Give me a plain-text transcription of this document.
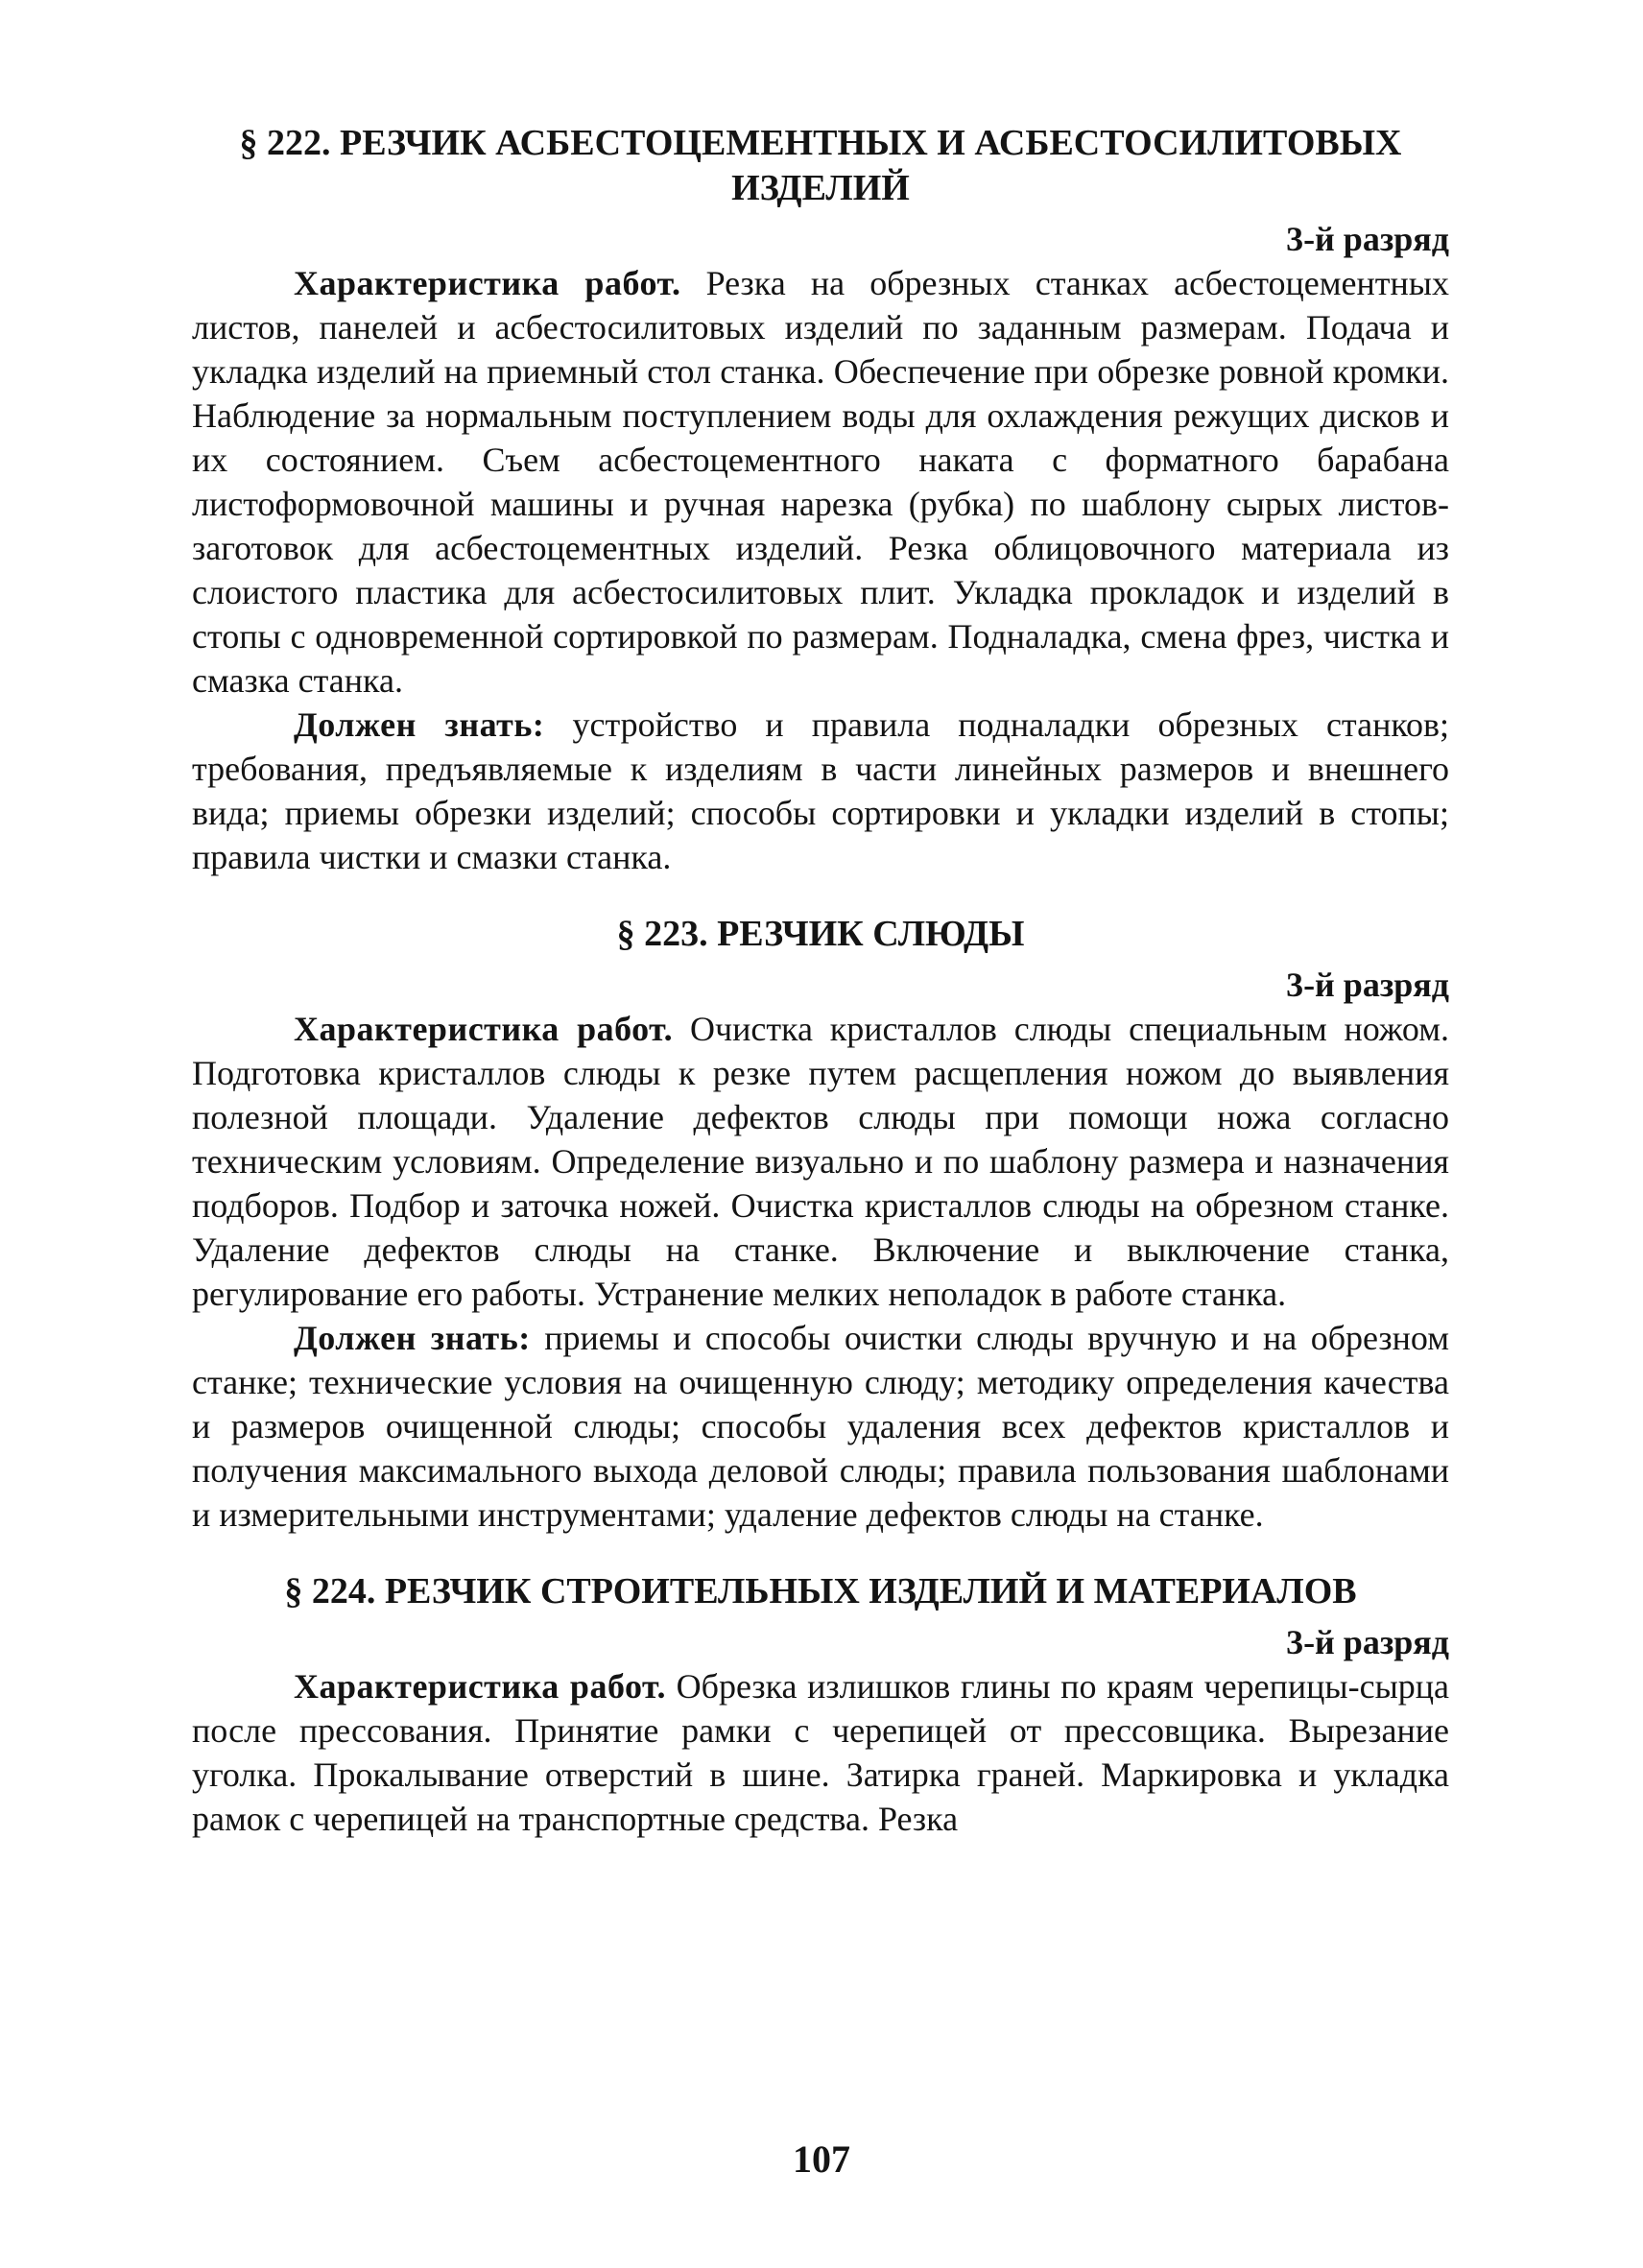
§ 222. РЕЗЧИК АСБЕСТОЦЕМЕНТНЫХ И АСБЕСТОСИЛИТОВЫХ
ИЗДЕЛИЙ
3-й разряд

Характеристика работ. Резка на обрезных станках асбестоцементных листов, панелей и асбестосилитовых изделий по заданным размерам. Подача и укладка изделий на приемный стол станка. Обеспечение при обрезке ровной кромки. Наблюдение за нормальным поступлением воды для охлаждения режущих дисков и их состоянием. Съем асбестоцементного наката с форматного барабана листоформовочной машины и ручная нарезка (рубка) по шаблону сырых листов-заготовок для асбестоцементных изделий. Резка облицовочного материала из слоистого пластика для асбестосилитовых плит. Укладка прокладок и изделий в стопы с одновременной сортировкой по размерам. Подналадка, смена фрез, чистка и смазка станка.

Должен знать: устройство и правила подналадки обрезных станков; требования, предъявляемые к изделиям в части линейных размеров и внешнего вида; приемы обрезки изделий; способы сортировки и укладки изделий в стопы; правила чистки и смазки станка.

§ 223. РЕЗЧИК СЛЮДЫ
3-й разряд

Характеристика работ. Очистка кристаллов слюды специальным ножом. Подготовка кристаллов слюды к резке путем расщепления ножом до выявления полезной площади. Удаление дефектов слюды при помощи ножа согласно техническим условиям. Определение визуально и по шаблону размера и назначения подборов. Подбор и заточка ножей. Очистка кристаллов слюды на обрезном станке. Удаление дефектов слюды на станке. Включение и выключение станка, регулирование его работы. Устранение мелких неполадок в работе станка.

Должен знать: приемы и способы очистки слюды вручную и на обрезном станке; технические условия на очищенную слюду; методику определения качества и размеров очищенной слюды; способы удаления всех дефектов кристаллов и получения максимального выхода деловой слюды; правила пользования шаблонами и измерительными инструментами; удаление дефектов слюды на станке.

§ 224. РЕЗЧИК СТРОИТЕЛЬНЫХ ИЗДЕЛИЙ И МАТЕРИАЛОВ
3-й разряд

Характеристика работ. Обрезка излишков глины по краям черепицы-сырца после прессования. Принятие рамки с черепицей от прессовщика. Вырезание уголка. Прокалывание отверстий в шине. Затирка граней. Маркировка и укладка рамок с черепицей на транспортные средства. Резка

107
